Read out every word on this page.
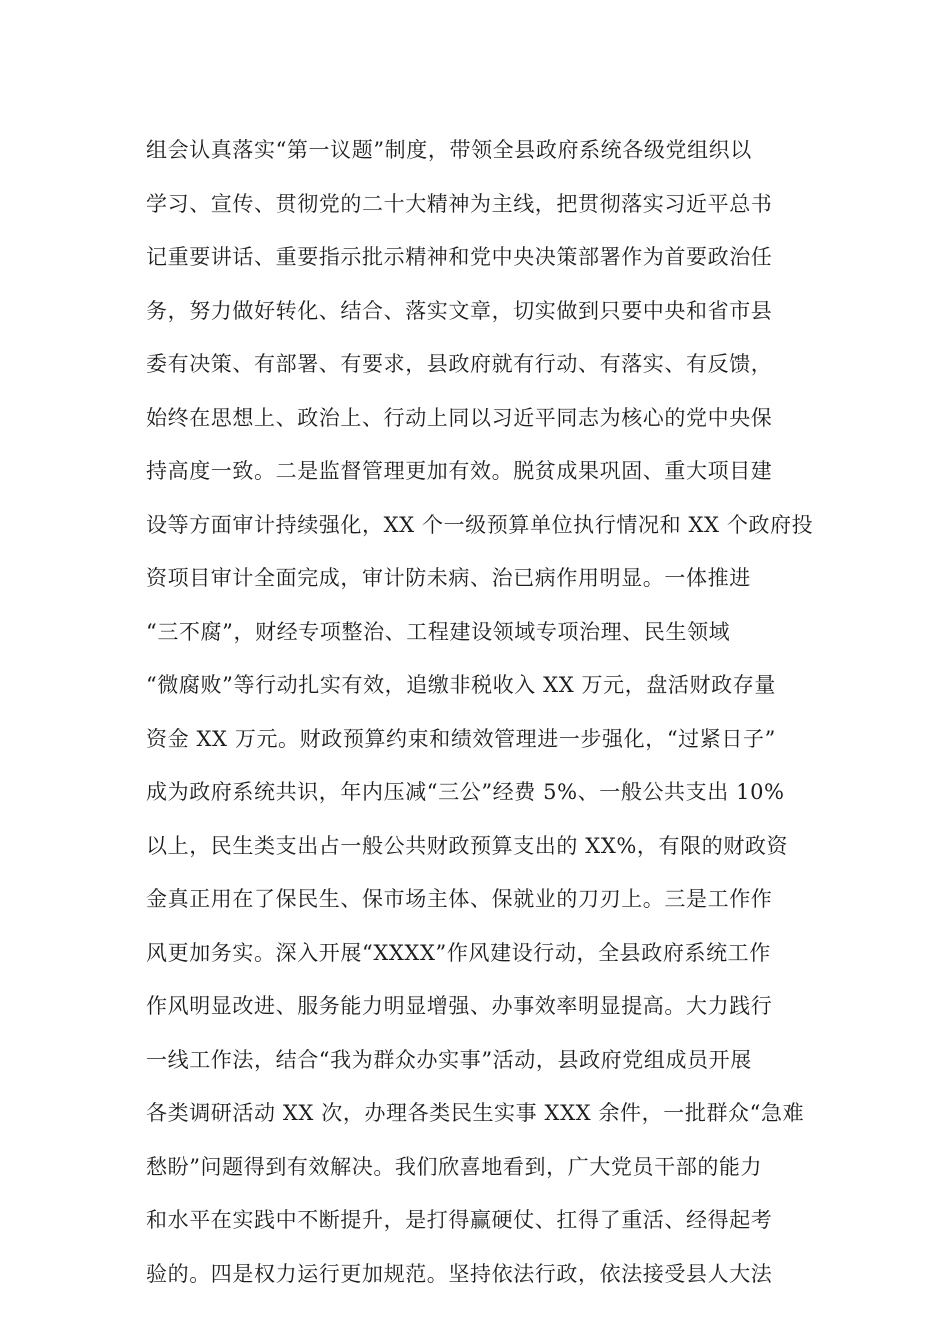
组会认真落实“第一议题”制度，带领全县政府系统各级党组织以
学习、宣传、贯彻党的二十大精神为主线，把贯彻落实习近平总书
记重要讲话、重要指示批示精神和党中央决策部署作为首要政治任
务，努力做好转化、结合、落实文章，切实做到只要中央和省市县
委有决策、有部署、有要求，县政府就有行动、有落实、有反馈，
始终在思想上、政治上、行动上同以习近平同志为核心的党中央保
持高度一致。二是监督管理更加有效。脱贫成果巩固、重大项目建
设等方面审计持续强化，XX 个一级预算单位执行情况和 XX 个政府投
资项目审计全面完成，审计防未病、治已病作用明显。一体推进
“三不腐”，财经专项整治、工程建设领域专项治理、民生领域
“微腐败”等行动扎实有效，追缴非税收入 XX 万元，盘活财政存量
资金 XX 万元。财政预算约束和绩效管理进一步强化，“过紧日子”
成为政府系统共识，年内压减“三公”经费 5%、一般公共支出 10%
以上，民生类支出占一般公共财政预算支出的 XX%，有限的财政资
金真正用在了保民生、保市场主体、保就业的刀刃上。三是工作作
风更加务实。深入开展“XXXX”作风建设行动，全县政府系统工作
作风明显改进、服务能力明显增强、办事效率明显提高。大力践行
一线工作法，结合“我为群众办实事”活动，县政府党组成员开展
各类调研活动 XX 次，办理各类民生实事 XXX 余件，一批群众“急难
愁盼”问题得到有效解决。我们欣喜地看到，广大党员干部的能力
和水平在实践中不断提升，是打得赢硬仗、扛得了重活、经得起考
验的。四是权力运行更加规范。坚持依法行政，依法接受县人大法
